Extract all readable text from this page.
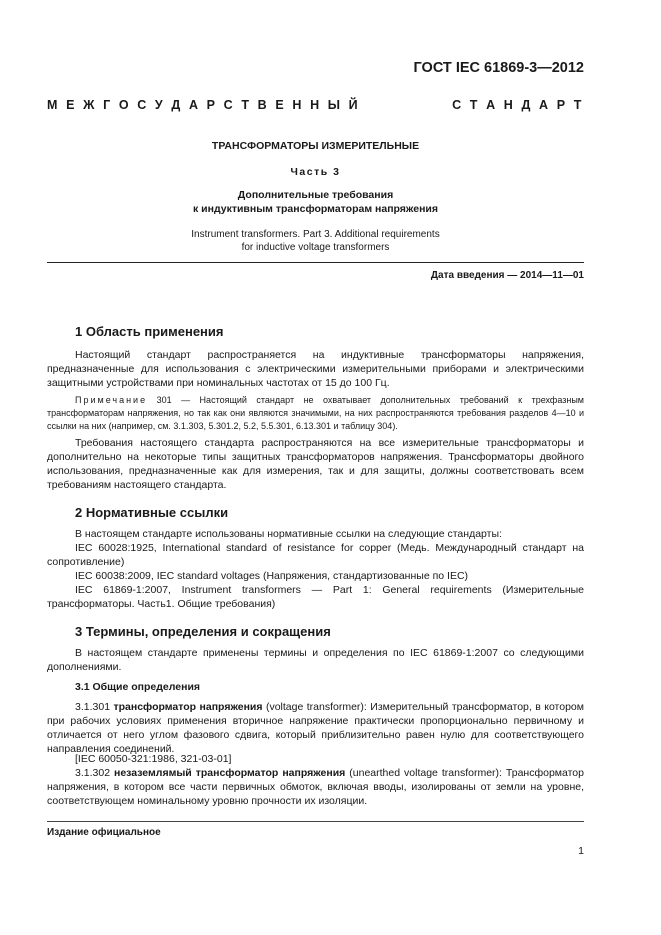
ГОСТ IEC 61869-3—2012
М Е Ж Г О С У Д А Р С Т В Е Н Н Ы Й	С Т А Н Д А Р Т
ТРАНСФОРМАТОРЫ ИЗМЕРИТЕЛЬНЫЕ
Часть 3
Дополнительные требования
к индуктивным трансформаторам напряжения
Instrument transformers. Part 3. Additional requirements
for inductive voltage transformers
Дата введения — 2014—11—01
1 Область применения
Настоящий стандарт распространяется на индуктивные трансформаторы напряжения, предназначенные для использования с электрическими измерительными приборами и электрическими защитными устройствами при номинальных частотах от 15 до 100 Гц.
Примечание 301 — Настоящий стандарт не охватывает дополнительных требований к трехфазным трансформаторам напряжения, но так как они являются значимыми, на них распространяются требования разделов 4—10 и ссылки на них (например, см. 3.1.303, 5.301.2, 5.2, 5.5.301, 6.13.301 и таблицу 304).
Требования настоящего стандарта распространяются на все измерительные трансформаторы и дополнительно на некоторые типы защитных трансформаторов напряжения. Трансформаторы двойного использования, предназначенные как для измерения, так и для защиты, должны соответствовать всем требованиям настоящего стандарта.
2 Нормативные ссылки
В настоящем стандарте использованы нормативные ссылки на следующие стандарты:
IEC 60028:1925, International standard of resistance for copper (Медь. Международный стандарт на сопротивление)
IEC 60038:2009, IEC standard voltages (Напряжения, стандартизованные по IEC)
IEC 61869-1:2007, Instrument transformers — Part 1: General requirements (Измерительные трансформаторы. Часть1. Общие требования)
3 Термины, определения и сокращения
В настоящем стандарте применены термины и определения по IEC 61869-1:2007 со следующими дополнениями.
3.1 Общие определения
3.1.301 трансформатор напряжения (voltage transformer): Измерительный трансформатор, в котором при рабочих условиях применения вторичное напряжение практически пропорционально первичному и отличается от него углом фазового сдвига, который приблизительно равен нулю для соответствующего направления соединений.
[IEC 60050-321:1986, 321-03-01]
3.1.302 незаземлямый трансформатор напряжения (unearthed voltage transformer): Трансформатор напряжения, в котором все части первичных обмоток, включая вводы, изолированы от земли на уровне, соответствующем номинальному уровню прочности их изоляции.
Издание официальное
1
